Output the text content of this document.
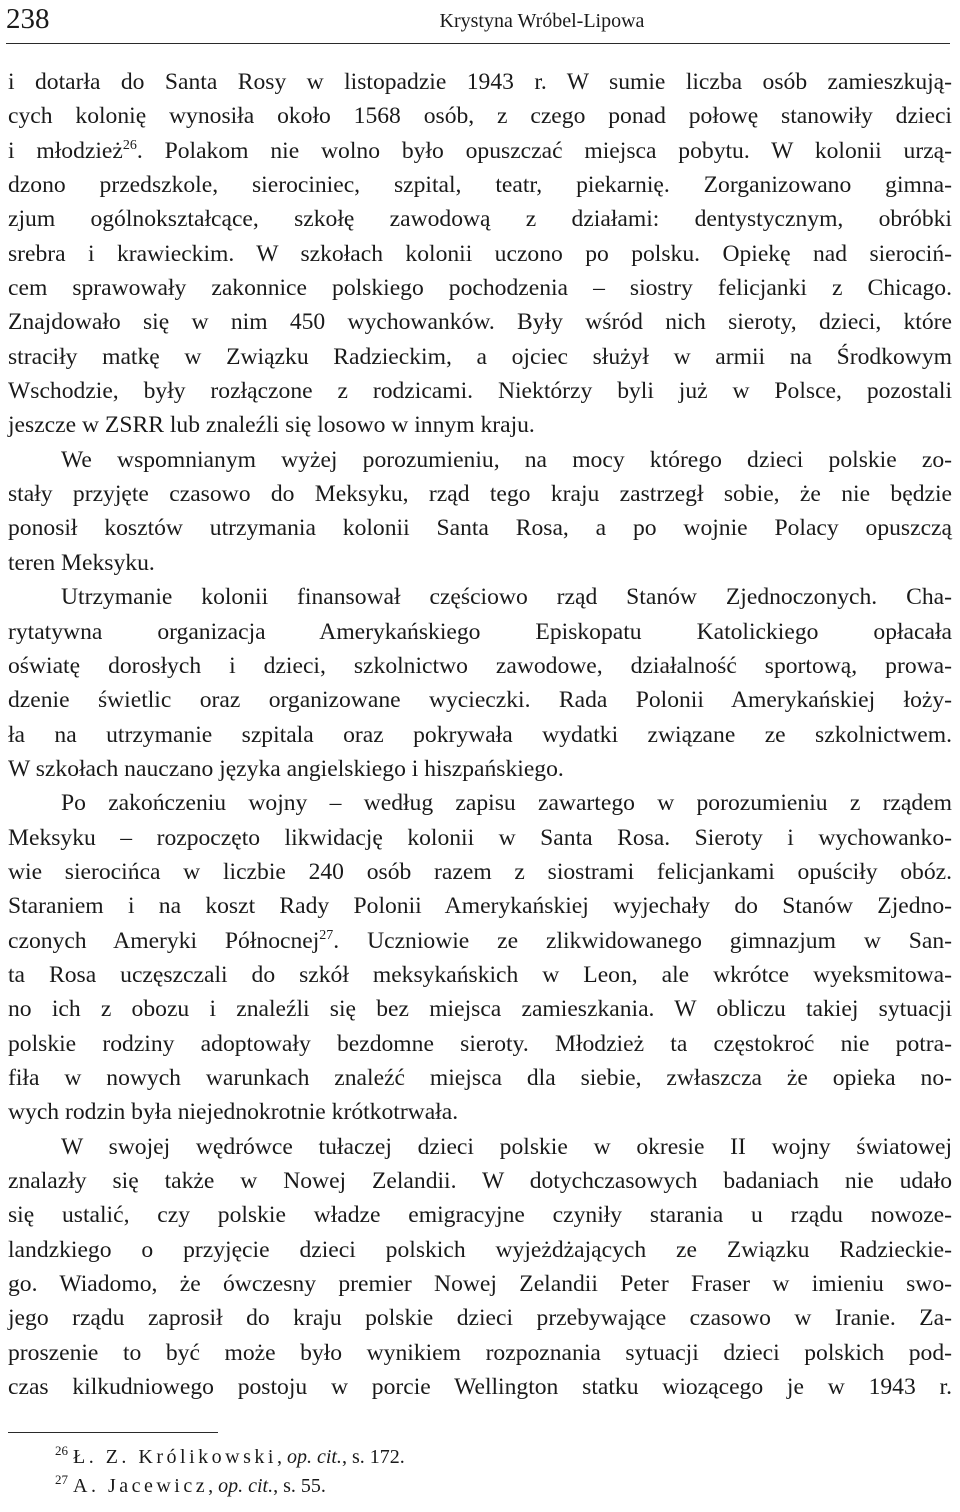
238	Krystyna Wróbel-Lipowa
i dotarła do Santa Rosy w listopadzie 1943 r. W sumie liczba osób zamieszkują-
cych kolonię wynosiła około 1568 osób, z czego ponad połowę stanowiły dzieci
i młodzież$^{26}$. Polakom nie wolno było opuszczać miejsca pobytu. W kolonii urzą-
dzono przedszkole, sierociniec, szpital, teatr, piekarnię. Zorganizowano gimna-
zjum ogólnokształcące, szkołę zawodową z działami: dentystycznym, obróbki
srebra i krawieckim. W szkołach kolonii uczono po polsku. Opiekę nad sierociń-
cem sprawowały zakonnice polskiego pochodzenia – siostry felicjanki z Chicago.
Znajdowało się w nim 450 wychowanków. Były wśród nich sieroty, dzieci, które
straciły matkę w Związku Radzieckim, a ojciec służył w armii na Środkowym
Wschodzie, były rozłączone z rodzicami. Niektórzy byli już w Polsce, pozostali
jeszcze w ZSRR lub znaleźli się losowo w innym kraju.
We wspomnianym wyżej porozumieniu, na mocy którego dzieci polskie zo-
stały przyjęte czasowo do Meksyku, rząd tego kraju zastrzegł sobie, że nie będzie
ponosił kosztów utrzymania kolonii Santa Rosa, a po wojnie Polacy opuszczą
teren Meksyku.
Utrzymanie kolonii finansował częściowo rząd Stanów Zjednoczonych. Cha-
rytatywna organizacja Amerykańskiego Episkopatu Katolickiego opłacała
oświatę dorosłych i dzieci, szkolnictwo zawodowe, działalność sportową, prowa-
dzenie świetlic oraz organizowane wycieczki. Rada Polonii Amerykańskiej łoży-
ła na utrzymanie szpitala oraz pokrywała wydatki związane ze szkolnictwem.
W szkołach nauczano języka angielskiego i hiszpańskiego.
Po zakończeniu wojny – według zapisu zawartego w porozumieniu z rządem
Meksyku – rozpoczęto likwidację kolonii w Santa Rosa. Sieroty i wychowanko-
wie sierocińca w liczbie 240 osób razem z siostrami felicjankami opuściły obóz.
Staraniem i na koszt Rady Polonii Amerykańskiej wyjechały do Stanów Zjedno-
czonych Ameryki Północnej$^{27}$. Uczniowie ze zlikwidowanego gimnazjum w San-
ta Rosa uczęszczali do szkół meksykańskich w Leon, ale wkrótce wyeksmitowa-
no ich z obozu i znaleźli się bez miejsca zamieszkania. W obliczu takiej sytuacji
polskie rodziny adoptowały bezdomne sieroty. Młodzież ta częstokroć nie potra-
fiła w nowych warunkach znaleźć miejsca dla siebie, zwłaszcza że opieka no-
wych rodzin była niejednokrotnie krótkotrwała.
W swojej wędrówce tułaczej dzieci polskie w okresie II wojny światowej
znalazły się także w Nowej Zelandii. W dotychczasowych badaniach nie udało
się ustalić, czy polskie władze emigracyjne czyniły starania u rządu nowoze-
landzkiego o przyjęcie dzieci polskich wyjeżdżających ze Związku Radzieckie-
go. Wiadomo, że ówczesny premier Nowej Zelandii Peter Fraser w imieniu swo-
jego rządu zaprosił do kraju polskie dzieci przebywające czasowo w Iranie. Za-
proszenie to być może było wynikiem rozpoznania sytuacji dzieci polskich pod-
czas kilkudniowego postoju w porcie Wellington statku wiozącego je w 1943 r.
$^{26}$ Ł. Z. Królikowski, op. cit., s. 172.
$^{27}$ A. Jacewicz, op. cit., s. 55.
